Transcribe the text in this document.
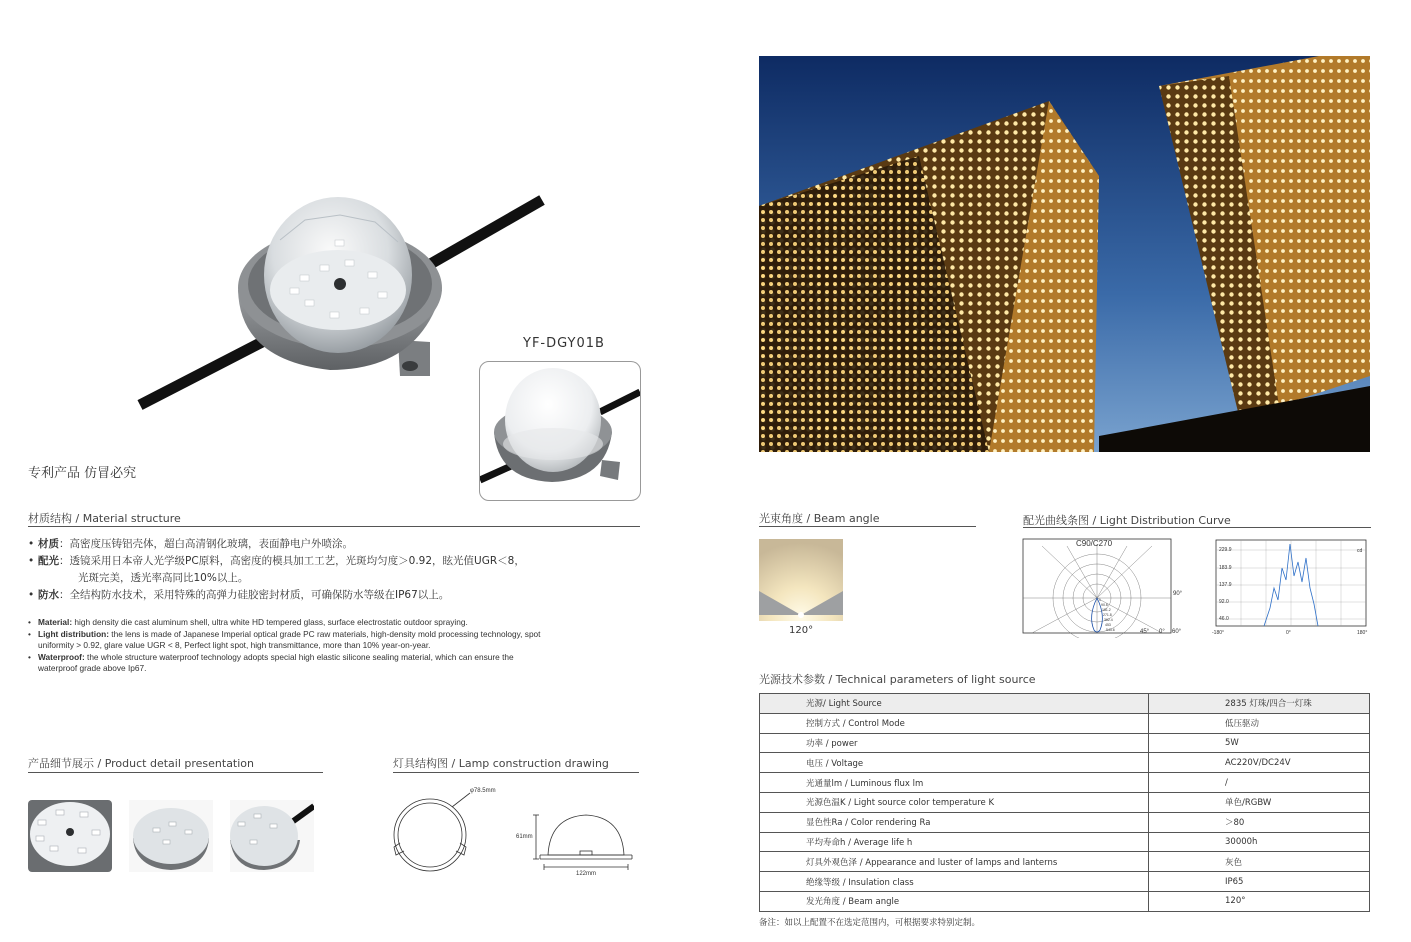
YF-DGY01B
专利产品 仿冒必究
材质结构 / Material structure
• 材质：高密度压铸铝壳体，超白高清钢化玻璃，表面静电户外喷涂。
• 配光：透镜采用日本帝人光学级PC原料，高密度的模具加工工艺，光斑均匀度＞0.92，眩光值UGR＜8，
光斑完美，透光率高同比10%以上。
• 防水：全结构防水技术，采用特殊的高弹力硅胶密封材质，可确保防水等级在IP67以上。
• Material: high density die cast aluminum shell, ultra white HD tempered glass, surface electrostatic outdoor spraying.
• Light distribution: the lens is made of Japanese Imperial optical grade PC raw materials, high-density mold processing technology, spot uniformity > 0.92, glare value UGR < 8, Perfect light spot, high transmittance, more than 10% year-on-year.
• Waterproof: the whole structure waterproof technology adopts special high elastic silicone sealing material, which can ensure the waterproof grade above Ip67.
产品细节展示 / Product detail presentation	灯具结构图 / Lamp construction drawing
φ78.5mm
61mm
122mm
光束角度 / Beam angle
120°
配光曲线条图 / Light Distribution Curve
C90/C270
90°
45° 0° 60°
1
90.6
181.2
271.8
362.4
453
543.6
229.9
183.9
137.9
92.0
46.0
cd
-180°	0°	180°
光源技术参数 / Technical parameters of light source
光源/ Light Source	2835 灯珠/四合一灯珠
控制方式 / Control Mode	低压驱动
功率 / power	5W
电压 / Voltage	AC220V/DC24V
光通量lm / Luminous flux lm	/
光源色温K / Light source color temperature K	单色/RGBW
显色性Ra / Color rendering Ra	＞80
平均寿命h / Average life h	30000h
灯具外观色泽 / Appearance and luster of lamps and lanterns	灰色
绝缘等级 / Insulation class	IP65
发光角度 / Beam angle	120°
备注：如以上配置不在选定范围内，可根据要求特别定制。
